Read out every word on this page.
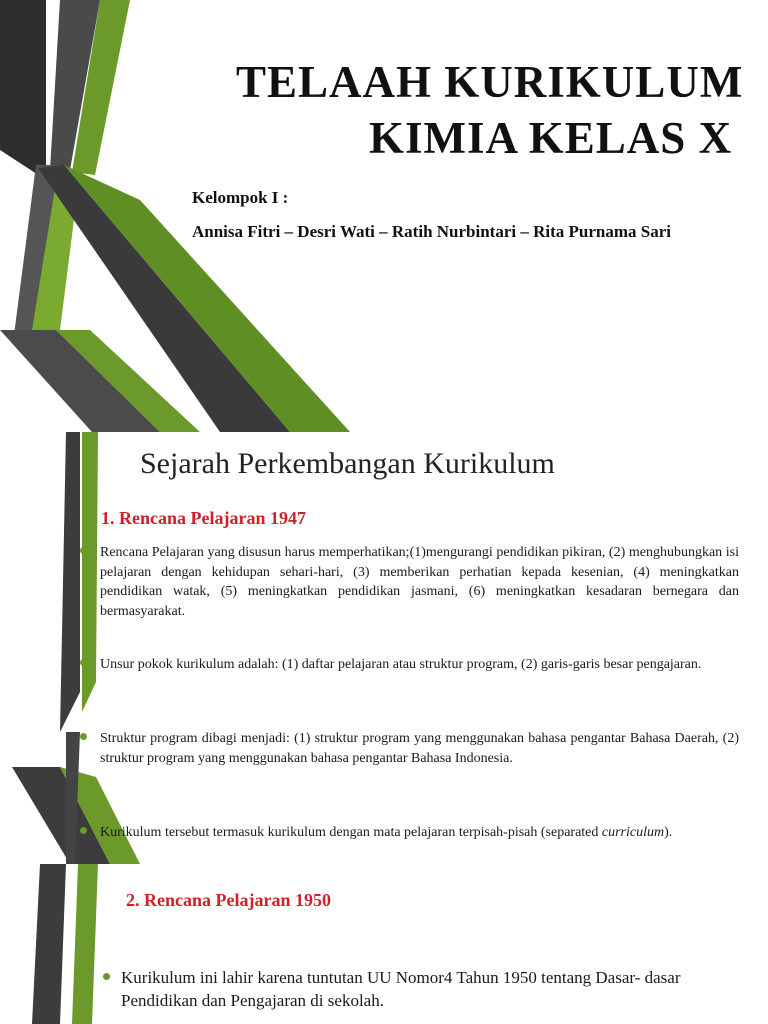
TELAAH KURIKULUM
KIMIA KELAS X
Kelompok I :
Annisa Fitri – Desri Wati – Ratih Nurbintari – Rita Purnama Sari
Sejarah Perkembangan Kurikulum
1. Rencana Pelajaran 1947

Rencana Pelajaran yang disusun harus memperhatikan;(1)mengurangi pendidikan pikiran, (2) menghubungkan isi pelajaran dengan kehidupan sehari-hari, (3) memberikan perhatian kepada kesenian, (4) meningkatkan pendidikan watak, (5) meningkatkan pendidikan jasmani, (6) meningkatkan kesadaran bernegara dan bermasyarakat.

Unsur pokok kurikulum adalah: (1) daftar pelajaran atau struktur program, (2) garis-garis besar pengajaran.

Struktur program dibagi menjadi: (1) struktur program yang menggunakan bahasa pengantar Bahasa Daerah, (2) struktur program yang menggunakan bahasa pengantar Bahasa Indonesia.

Kurikulum tersebut termasuk kurikulum dengan mata pelajaran terpisah-pisah (separated curriculum).

2. Rencana Pelajaran 1950

Kurikulum ini lahir karena tuntutan UU Nomor4 Tahun 1950 tentang Dasar- dasar Pendidikan dan Pengajaran di sekolah.
